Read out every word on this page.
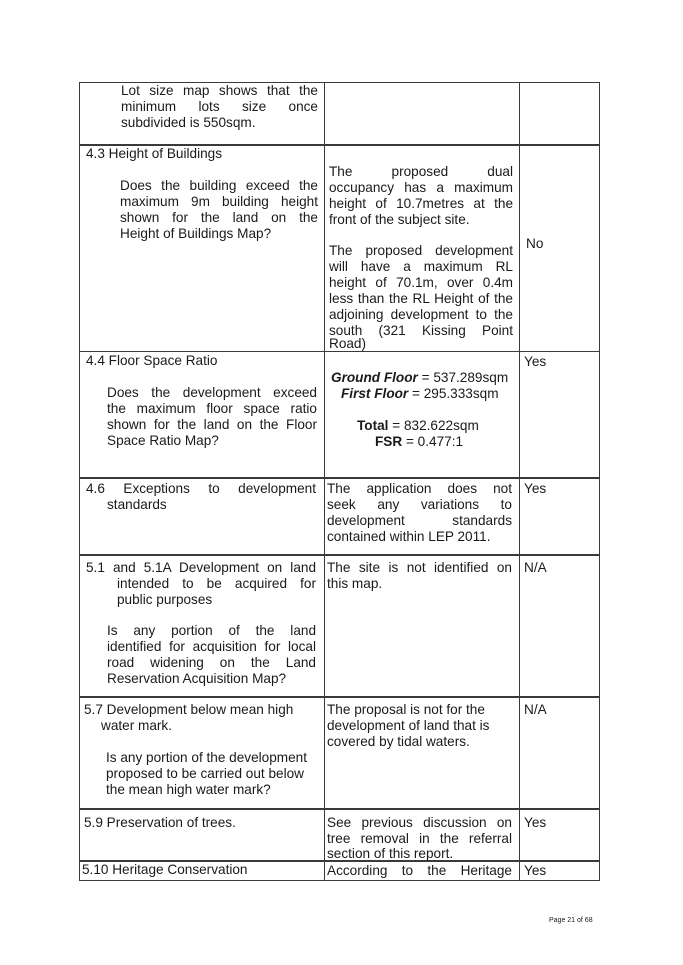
Lot size map shows that the
minimum lots size once
subdivided is 550sqm.
4.3 Height of Buildings
Does the building exceed the
maximum 9m building height
shown for the land on the
Height of Buildings Map?
The proposed dual
occupancy has a maximum
height of 10.7metres at the
front of the subject site.
The proposed development
will have a maximum RL
height of 70.1m, over 0.4m
less than the RL Height of the
adjoining development to the
south (321 Kissing Point
Road)
No
4.4 Floor Space Ratio
Does the development exceed
the maximum floor space ratio
shown for the land on the Floor
Space Ratio Map?
Ground Floor = 537.289sqm
First Floor = 295.333sqm
Total = 832.622sqm
FSR = 0.477:1
Yes
4.6 Exceptions to development
standards
The application does not
seek any variations to
development standards
contained within LEP 2011.
Yes
5.1 and 5.1A Development on land
intended to be acquired for
public purposes
Is any portion of the land
identified for acquisition for local
road widening on the Land
Reservation Acquisition Map?
The site is not identified on
this map.
N/A
5.7 Development below mean high
water mark.
Is any portion of the development
proposed to be carried out below
the mean high water mark?
The proposal is not for the
development of land that is
covered by tidal waters.
N/A
5.9 Preservation of trees.	See previous discussion on
tree removal in the referral
section of this report.
Yes
5.10 Heritage Conservation	According to the Heritage Yes
Page 21 of 68
